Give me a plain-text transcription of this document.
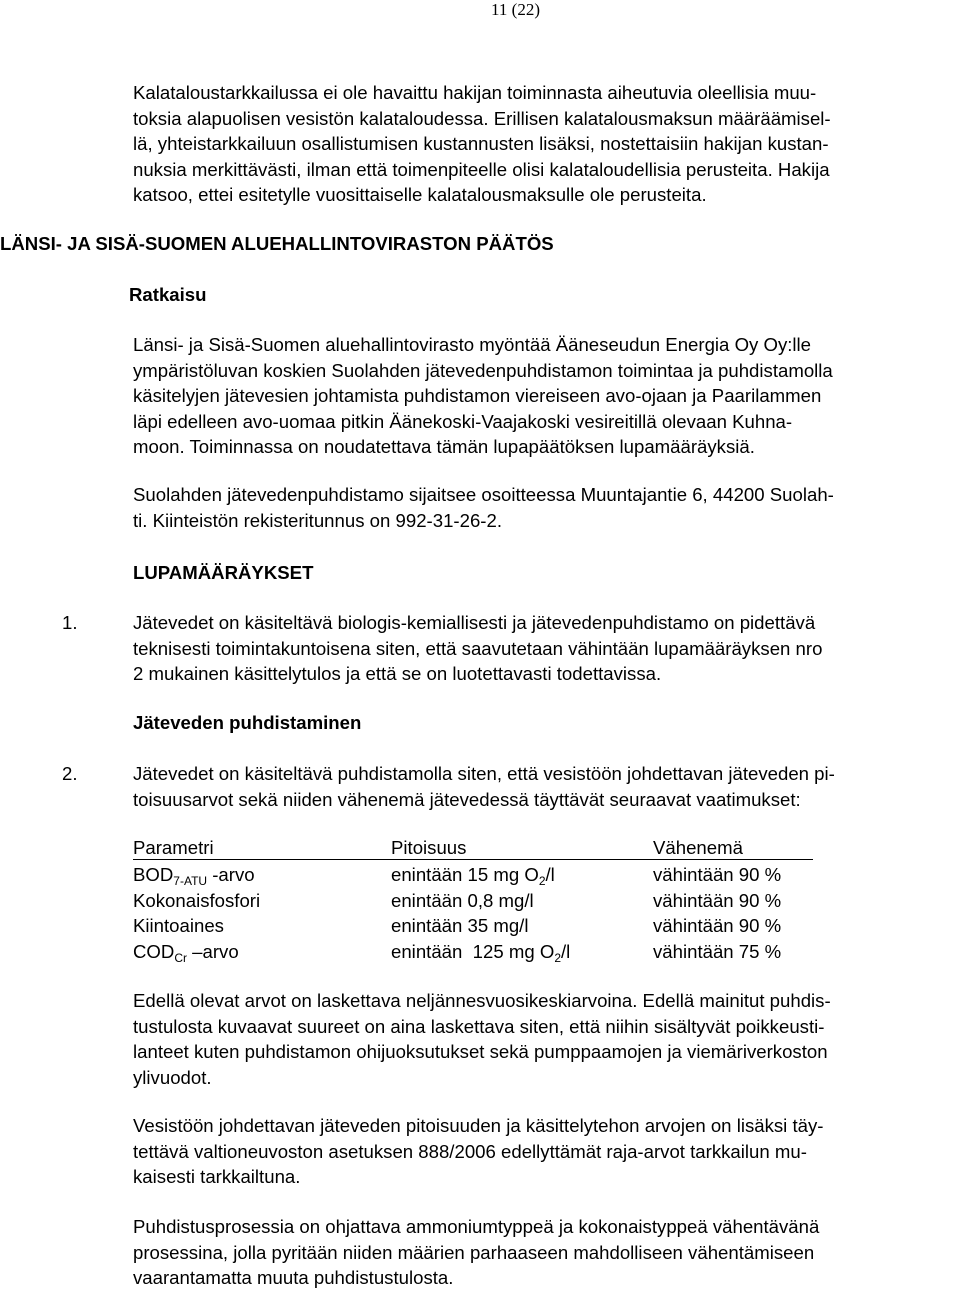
11 (22)

Kalataloustarkkailussa ei ole havaittu hakijan toiminnasta aiheutuvia oleellisia muu-
toksia alapuolisen vesistön kalataloudessa. Erillisen kalatalousmaksun määräämisel-
lä, yhteistarkkailuun osallistumisen kustannusten lisäksi, nostettaisiin hakijan kustan-
nuksia merkittävästi, ilman että toimenpiteelle olisi kalataloudellisia perusteita. Hakija
katsoo, ettei esitetylle vuosittaiselle kalatalousmaksulle ole perusteita.

LÄNSI- JA SISÄ-SUOMEN ALUEHALLINTOVIRASTON PÄÄTÖS
Ratkaisu

Länsi- ja Sisä-Suomen aluehallintovirasto myöntää Ääneseudun Energia Oy Oy:lle
ympäristöluvan koskien Suolahden jätevedenpuhdistamon toimintaa ja puhdistamolla
käsitelyjen jätevesien johtamista puhdistamon viereiseen avo-ojaan ja Paarilammen
läpi edelleen avo-uomaa pitkin Äänekoski-Vaajakoski vesireitillä olevaan Kuhna-
moon. Toiminnassa on noudatettava tämän lupapäätöksen lupamääräyksiä.

Suolahden jätevedenpuhdistamo sijaitsee osoitteessa Muuntajantie 6, 44200 Suolah-
ti. Kiinteistön rekisteritunnus on 992-31-26-2.

LUPAMÄÄRÄYKSET
1.	Jätevedet on käsiteltävä biologis-kemiallisesti ja jätevedenpuhdistamo on pidettävä
teknisesti toimintakuntoisena siten, että saavutetaan vähintään lupamääräyksen nro
2 mukainen käsittelytulos ja että se on luotettavasti todettavissa.

Jäteveden puhdistaminen
2.	Jätevedet on käsiteltävä puhdistamolla siten, että vesistöön johdettavan jäteveden pi-
toisuusarvot sekä niiden vähenemä jätevedessä täyttävät seuraavat vaatimukset:

Parametri	Pitoisuus	Vähenemä
$BOD_{7-ATU}$ -arvo	enintään 15 mg $O_2/l$	vähintään 90 %
Kokonaisfosfori	enintään 0,8 mg/l	vähintään 90 %
Kiintoaines	enintään 35 mg/l	vähintään 90 %
$COD_{Cr}$ –arvo	enintään  125 mg $O_2/l$	vähintään 75 %

Edellä olevat arvot on laskettava neljännesvuosikeskiarvoina. Edellä mainitut puhdis-
tustulosta kuvaavat suureet on aina laskettava siten, että niihin sisältyvät poikkeusti-
lanteet kuten puhdistamon ohijuoksutukset sekä pumppaamojen ja viemäriverkoston
ylivuodot.

Vesistöön johdettavan jäteveden pitoisuuden ja käsittelytehon arvojen on lisäksi täy-
tettävä valtioneuvoston asetuksen 888/2006 edellyttämät raja-arvot tarkkailun mu-
kaisesti tarkkailtuna.

Puhdistusprosessia on ohjattava ammoniumtyppeä ja kokonaistyppeä vähentävänä
prosessina, jolla pyritään niiden määrien parhaaseen mahdolliseen vähentämiseen
vaarantamatta muuta puhdistustulosta.
